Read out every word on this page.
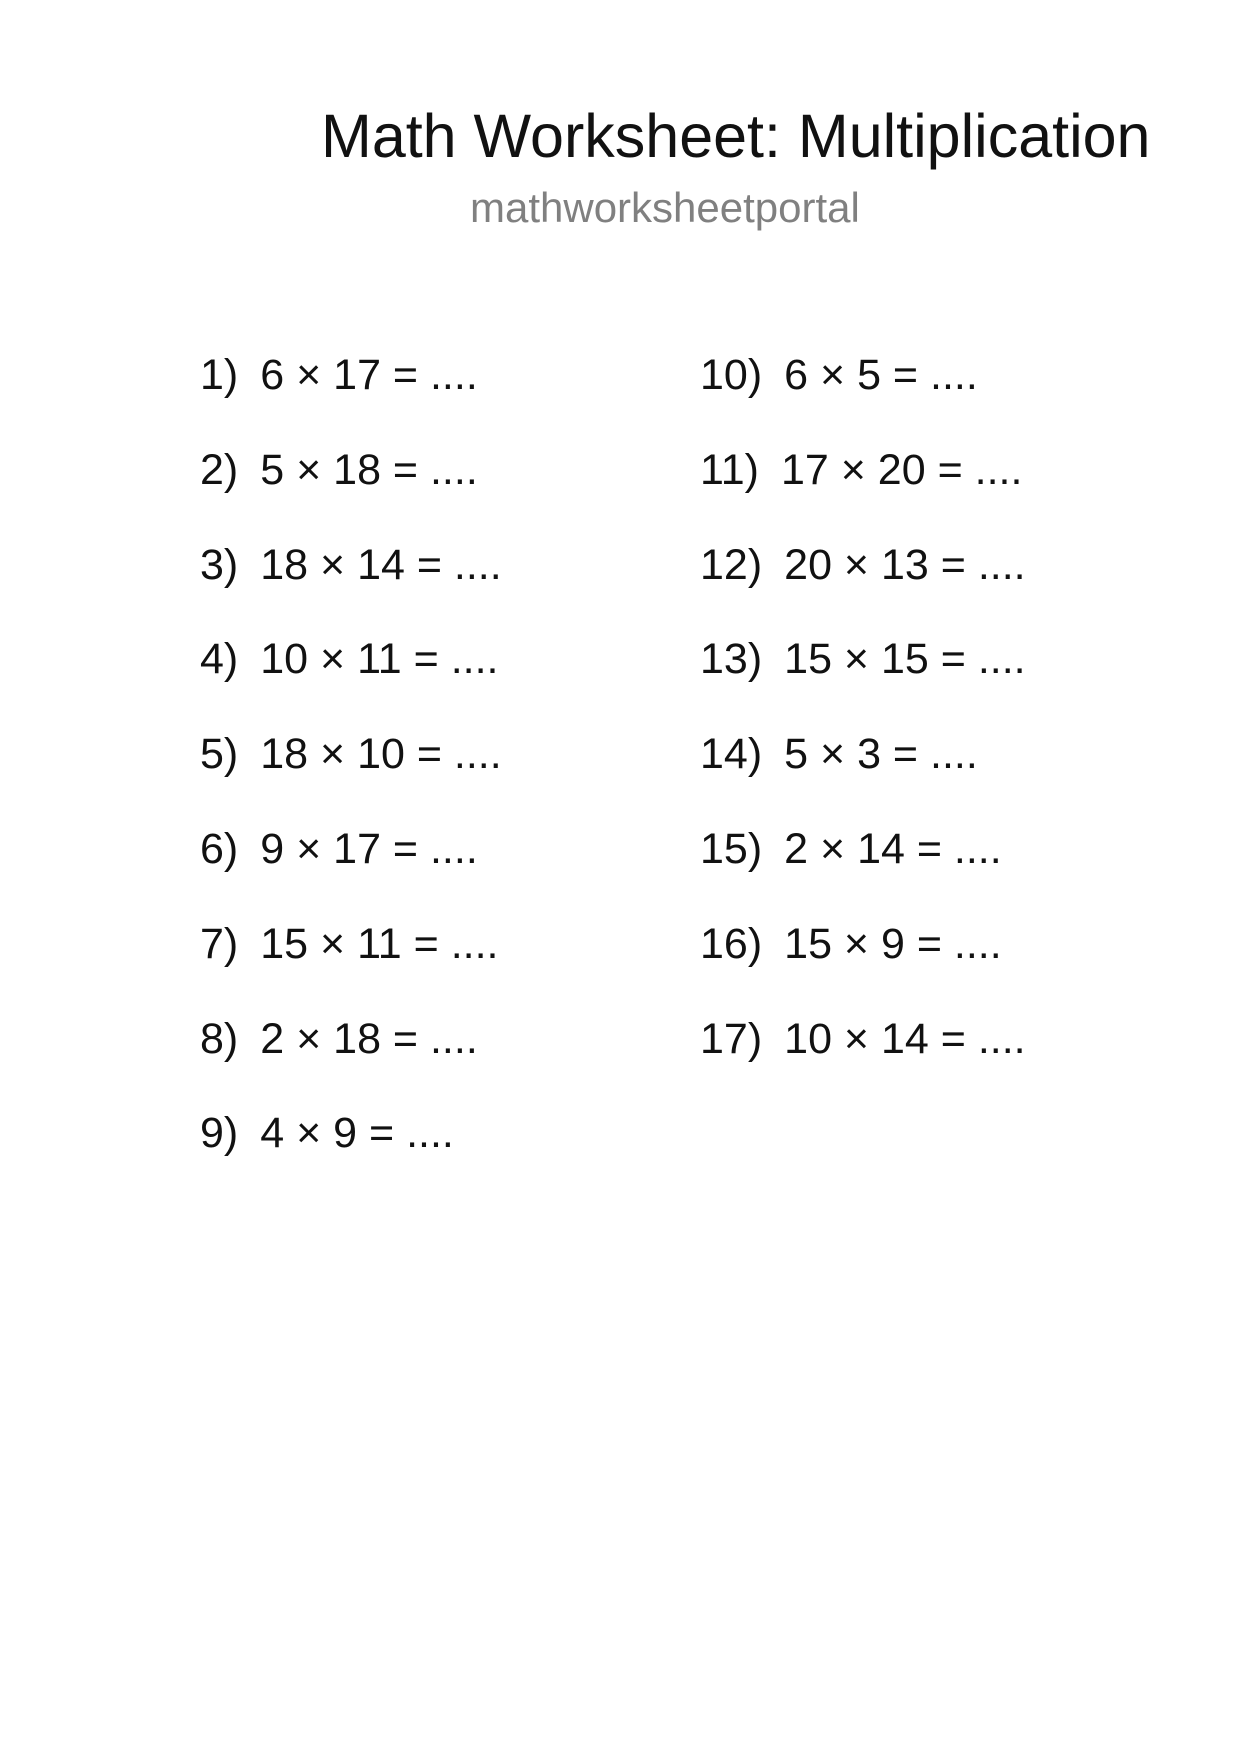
Math Worksheet: Multiplication
mathworksheetportal
1) 6 × 17 = ....
2) 5 × 18 = ....
3) 18 × 14 = ....
4) 10 × 11 = ....
5) 18 × 10 = ....
6) 9 × 17 = ....
7) 15 × 11 = ....
8) 2 × 18 = ....
9) 4 × 9 = ....
10) 6 × 5 = ....
11) 17 × 20 = ....
12) 20 × 13 = ....
13) 15 × 15 = ....
14) 5 × 3 = ....
15) 2 × 14 = ....
16) 15 × 9 = ....
17) 10 × 14 = ....
